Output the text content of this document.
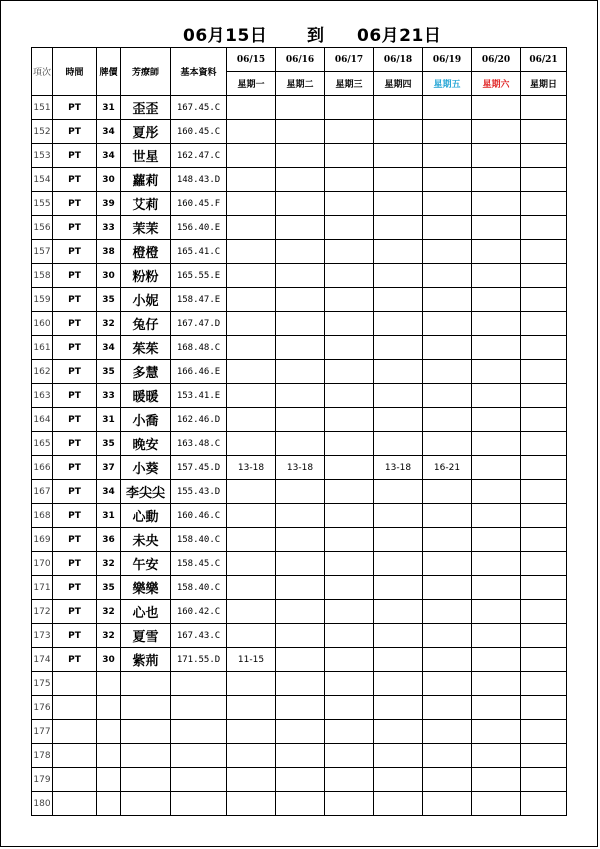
06月15日 到 06月21日
項次	時間	牌價	芳療師	基本資料	06/15	06/16	06/17	06/18	06/19	06/20	06/21
					星期一	星期二	星期三	星期四	星期五	星期六	星期日
151	PT	31	歪歪	167.45.C							
152	PT	34	夏彤	160.45.C							
153	PT	34	世星	162.47.C							
154	PT	30	蘿莉	148.43.D							
155	PT	39	艾莉	160.45.F							
156	PT	33	茉茉	156.40.E							
157	PT	38	橙橙	165.41.C							
158	PT	30	粉粉	165.55.E							
159	PT	35	小妮	158.47.E							
160	PT	32	兔仔	167.47.D							
161	PT	34	茱茱	168.48.C							
162	PT	35	多慧	166.46.E							
163	PT	33	暖暖	153.41.E							
164	PT	31	小喬	162.46.D							
165	PT	35	晚安	163.48.C							
166	PT	37	小葵	157.45.D	13-18	13-18		13-18	16-21		
167	PT	34	李尖尖	155.43.D							
168	PT	31	心動	160.46.C							
169	PT	36	未央	158.40.C							
170	PT	32	午安	158.45.C							
171	PT	35	樂樂	158.40.C							
172	PT	32	心也	160.42.C							
173	PT	32	夏雪	167.43.C							
174	PT	30	紫荊	171.55.D	11-15						
175											
176											
177											
178											
179											
180											
